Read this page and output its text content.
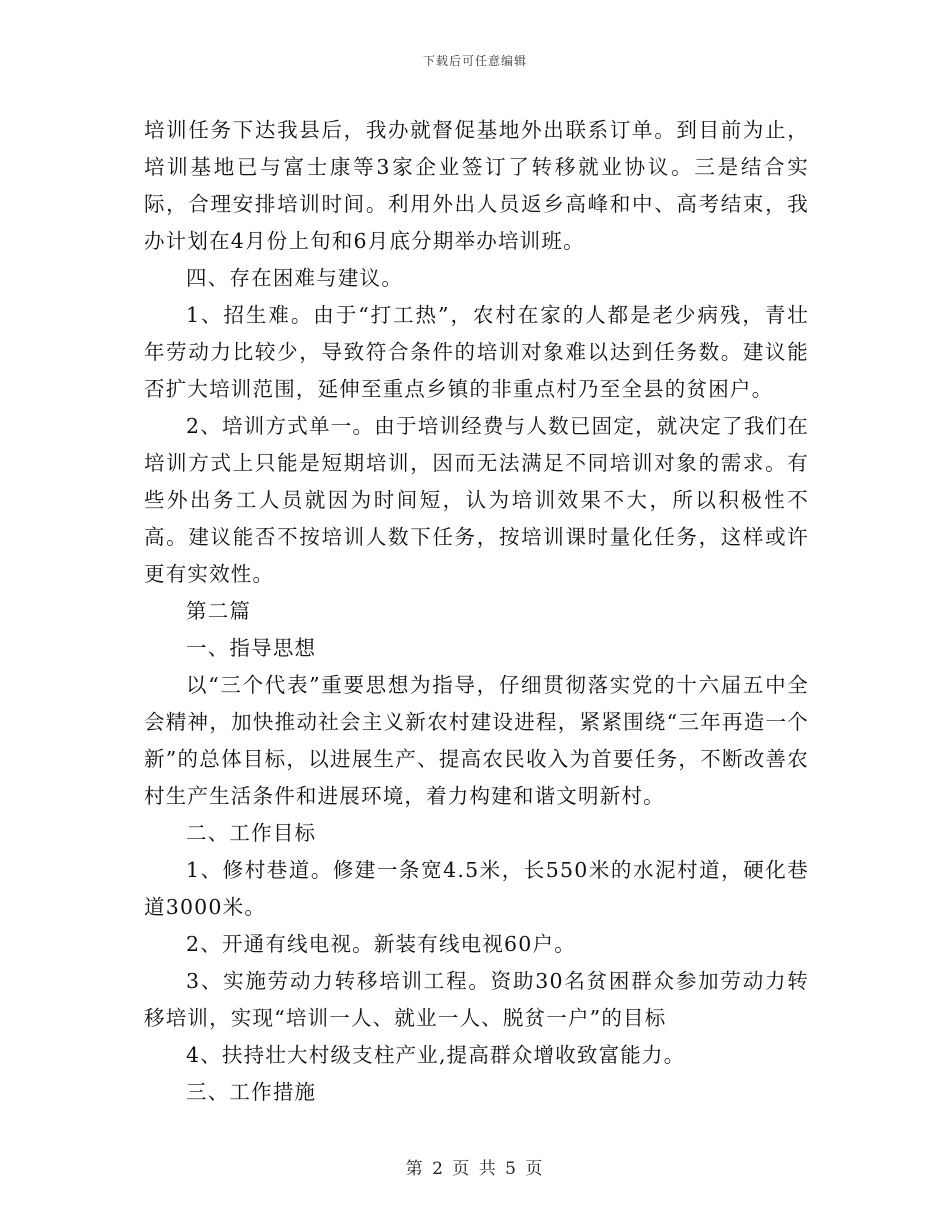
下载后可任意编辑

培训任务下达我县后，我办就督促基地外出联系订单。到目前为止，培训基地已与富士康等3家企业签订了转移就业协议。三是结合实际，合理安排培训时间。利用外出人员返乡高峰和中、高考结束，我办计划在4月份上旬和6月底分期举办培训班。

四、存在困难与建议。

1、招生难。由于“打工热”，农村在家的人都是老少病残，青壮年劳动力比较少，导致符合条件的培训对象难以达到任务数。建议能否扩大培训范围，延伸至重点乡镇的非重点村乃至全县的贫困户。

2、培训方式单一。由于培训经费与人数已固定，就决定了我们在培训方式上只能是短期培训，因而无法满足不同培训对象的需求。有些外出务工人员就因为时间短，认为培训效果不大，所以积极性不高。建议能否不按培训人数下任务，按培训课时量化任务，这样或许更有实效性。

第二篇

一、指导思想

以“三个代表”重要思想为指导，仔细贯彻落实党的十六届五中全会精神，加快推动社会主义新农村建设进程，紧紧围绕“三年再造一个新”的总体目标，以进展生产、提高农民收入为首要任务，不断改善农村生产生活条件和进展环境，着力构建和谐文明新村。

二、工作目标

1、修村巷道。修建一条宽4.5米，长550米的水泥村道，硬化巷道3000米。

2、开通有线电视。新装有线电视60户。

3、实施劳动力转移培训工程。资助30名贫困群众参加劳动力转移培训，实现“培训一人、就业一人、脱贫一户”的目标

4、扶持壮大村级支柱产业,提高群众增收致富能力。

三、工作措施

第 2 页 共 5 页
